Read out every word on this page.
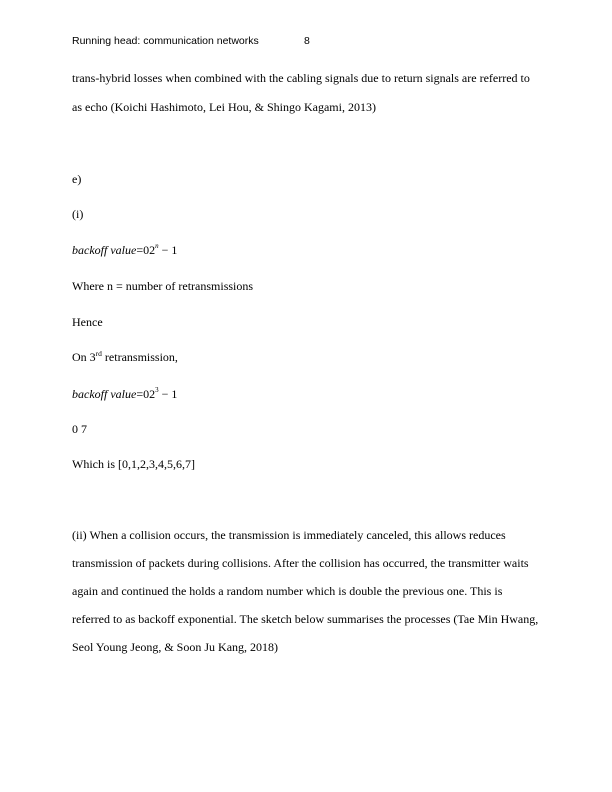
Running head: communication networks	8
trans-hybrid losses when combined with the cabling signals due to return signals are referred to
as echo (Koichi Hashimoto, Lei Hou, & Shingo Kagami, 2013)
e)
(i)
backoff $value=02^n - 1$
Where n = number of retransmissions
Hence
On 3rd retransmission,
backoff $value=02^3 - 1$
0 7
Which is [0,1,2,3,4,5,6,7]
(ii) When a collision occurs, the transmission is immediately canceled, this allows reduces
transmission of packets during collisions. After the collision has occurred, the transmitter waits
again and continued the holds a random number which is double the previous one. This is
referred to as backoff exponential. The sketch below summarises the processes (Tae Min Hwang,
Seol Young Jeong, & Soon Ju Kang, 2018)
